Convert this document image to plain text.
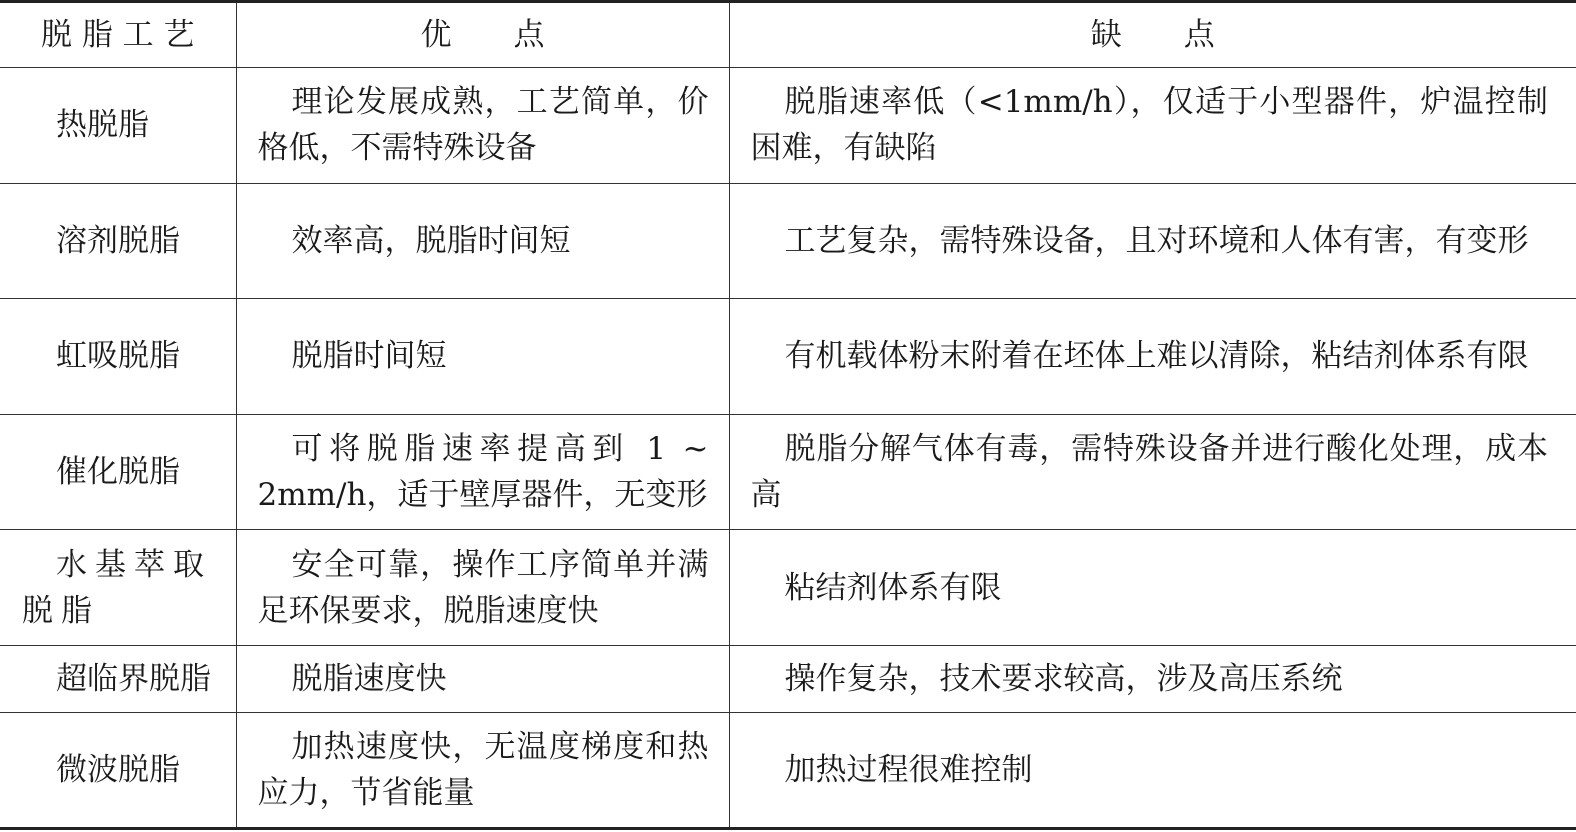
脱 脂 工 艺	优　　点	缺　　点
热脱脂	理论发展成熟，工艺简单，价格低，不需特殊设备	脱脂速率低（<1mm/h），仅适于小型器件，炉温控制困难，有缺陷
溶剂脱脂	效率高，脱脂时间短	工艺复杂，需特殊设备，且对环境和人体有害，有变形
虹吸脱脂	脱脂时间短	有机载体粉末附着在坯体上难以清除，粘结剂体系有限
催化脱脂	可将脱脂速率提高到 1 ~ 2mm/h，适于壁厚器件，无变形	脱脂分解气体有毒，需特殊设备并进行酸化处理，成本高
水基萃取脱脂	安全可靠，操作工序简单并满足环保要求，脱脂速度快	粘结剂体系有限
超临界脱脂	脱脂速度快	操作复杂，技术要求较高，涉及高压系统
微波脱脂	加热速度快，无温度梯度和热应力，节省能量	加热过程很难控制
